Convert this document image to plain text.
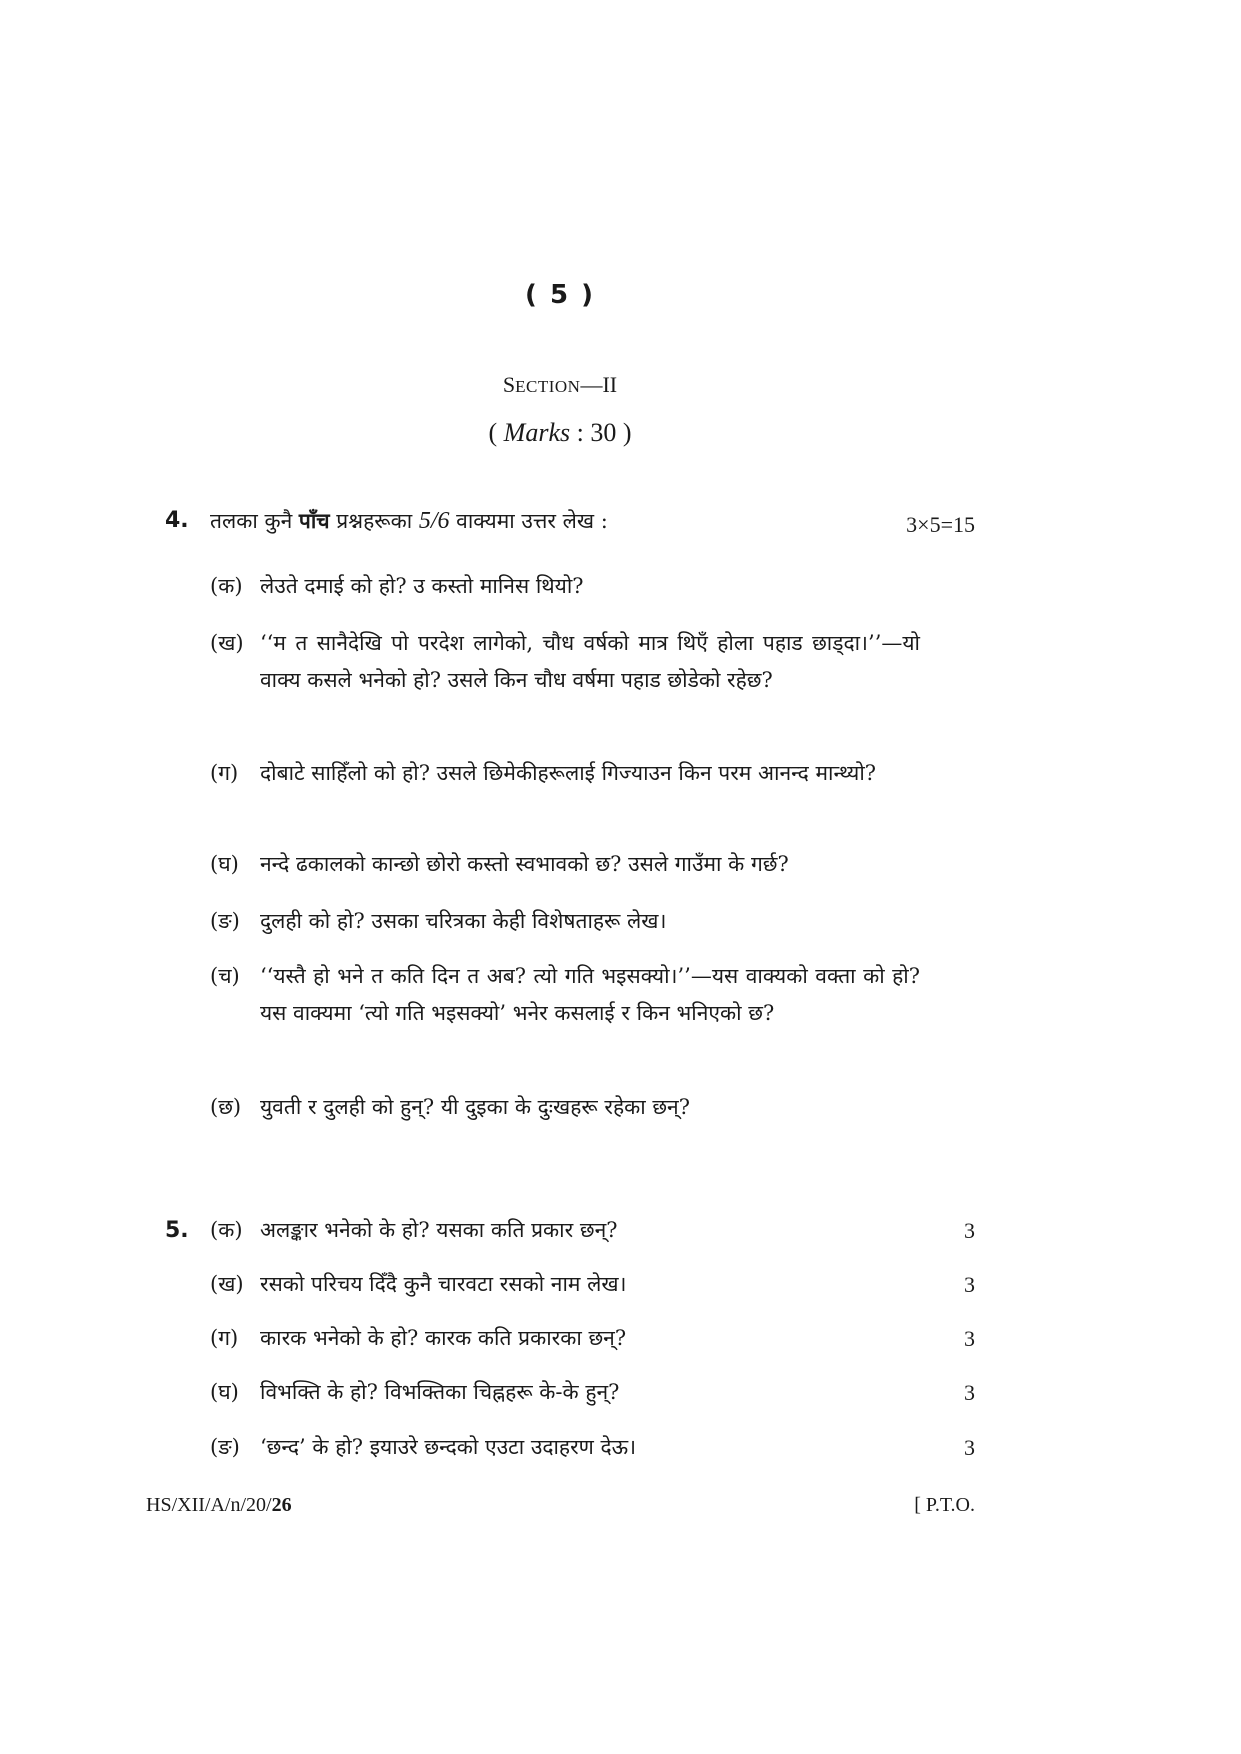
( 5 )
SECTION—II
( Marks : 30 )
4. तलका कुनै पाँच प्रश्नहरूका 5/6 वाक्यमा उत्तर लेख :	3×5=15
(क) लेउते दमाई को हो? उ कस्तो मानिस थियो?
(ख) ‘‘म त सानैदेखि पो परदेश लागेको, चौध वर्षको मात्र थिएँ होला पहाड छाड्दा।’’—यो वाक्य कसले भनेको हो? उसले किन चौध वर्षमा पहाड छोडेको रहेछ?
(ग) दोबाटे साहिँलो को हो? उसले छिमेकीहरूलाई गिज्याउन किन परम आनन्द मान्थ्यो?
(घ) नन्दे ढकालको कान्छो छोरो कस्तो स्वभावको छ? उसले गाउँमा के गर्छ?
(ङ) दुलही को हो? उसका चरित्रका केही विशेषताहरू लेख।
(च) ‘‘यस्तै हो भने त कति दिन त अब? त्यो गति भइसक्यो।’’—यस वाक्यको वक्ता को हो? यस वाक्यमा ‘त्यो गति भइसक्यो’ भनेर कसलाई र किन भनिएको छ?
(छ) युवती र दुलही को हुन्? यी दुइका के दुःखहरू रहेका छन्?
5. (क) अलङ्कार भनेको के हो? यसका कति प्रकार छन्?	3
(ख) रसको परिचय दिँदै कुनै चारवटा रसको नाम लेख।	3
(ग) कारक भनेको के हो? कारक कति प्रकारका छन्?	3
(घ) विभक्ति के हो? विभक्तिका चिह्नहरू के-के हुन्?	3
(ङ) ‘छन्द’ के हो? इयाउरे छन्दको एउटा उदाहरण देऊ।	3
HS/XII/A/n/20/26	[ P.T.O.
